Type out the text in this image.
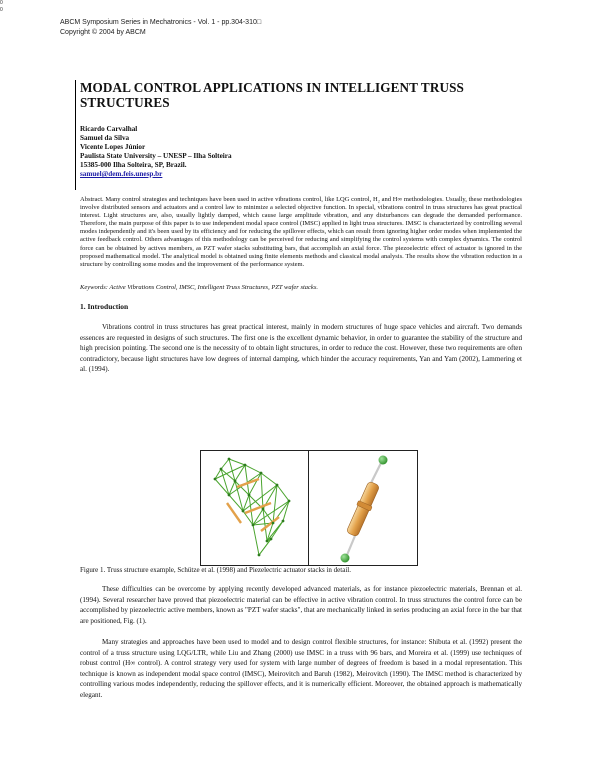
0
0
ABCM Symposium Series in Mechatronics - Vol. 1 - pp.304-310□
Copyright © 2004 by ABCM
MODAL CONTROL APPLICATIONS IN INTELLIGENT TRUSS STRUCTURES
Ricardo Carvalhal
Samuel da Silva
Vicente Lopes Júnior
Paulista State University – UNESP – Ilha Solteira
15385-000 Ilha Solteira, SP, Brazil.
samuel@dem.feis.unesp.br
Abstract. Many control strategies and techniques have been used in active vibrations control, like LQG control, H₂ and H∞ methodologies. Usually, these methodologies involve distributed sensors and actuators and a control law to minimize a selected objective function. In special, vibrations control in truss structures has great practical interest. Light structures are, also, usually lightly damped, which cause large amplitude vibration, and any disturbances can degrade the demanded performance. Therefore, the main purpose of this paper is to use independent modal space control (IMSC) applied in light truss structures. IMSC is characterized by controlling several modes independently and it's been used by its efficiency and for reducing the spillover effects, which can result from ignoring higher order modes when implemented the active feedback control. Others advantages of this methodology can be perceived for reducing and simplifying the control systems with complex dynamics. The control force can be obtained by actives members, as PZT wafer stacks substituting bars, that accomplish an axial force. The piezoelectric effect of actuator is ignored in the proposed mathematical model. The analytical model is obtained using finite elements methods and classical modal analysis. The results show the vibration reduction in a structure by controlling some modes and the improvement of the performance system.
Keywords: Active Vibrations Control, IMSC, Intelligent Truss Structures, PZT wafer stacks.
1. Introduction
Vibrations control in truss structures has great practical interest, mainly in modern structures of huge space vehicles and aircraft. Two demands essences are requested in designs of such structures. The first one is the excellent dynamic behavior, in order to guarantee the stability of the structure and high precision pointing. The second one is the necessity of to obtain light structures, in order to reduce the cost. However, these two requirements are often contradictory, because light structures have low degrees of internal damping, which hinder the accuracy requirements, Yan and Yam (2002), Lammering et al. (1994).
Figure 1. Truss structure example, Schütze et al. (1998) and Piezelectric actuator stacks in detail.
These difficulties can be overcome by applying recently developed advanced materials, as for instance piezoelectric materials, Brennan et al. (1994). Several researcher have proved that piezoelectric material can be effective in active vibration control. In truss structures the control force can be accomplished by piezoelectric active members, known as "PZT wafer stacks", that are mechanically linked in series producing an axial force in the bar that are positioned, Fig. (1).
Many strategies and approaches have been used to model and to design control flexible structures, for instance: Shibuta et al. (1992) present the control of a truss structure using LQG/LTR, while Liu and Zhang (2000) use IMSC in a truss with 96 bars, and Moreira et al. (1999) use techniques of robust control (H∞ control). A control strategy very used for system with large number of degrees of freedom is based in a modal representation. This technique is known as independent modal space control (IMSC), Meirovitch and Baruh (1982), Meirovitch (1990). The IMSC method is characterized by controlling various modes independently, reducing the spillover effects, and it is numerically efficient. Moreover, the obtained approach is mathematically elegant.
